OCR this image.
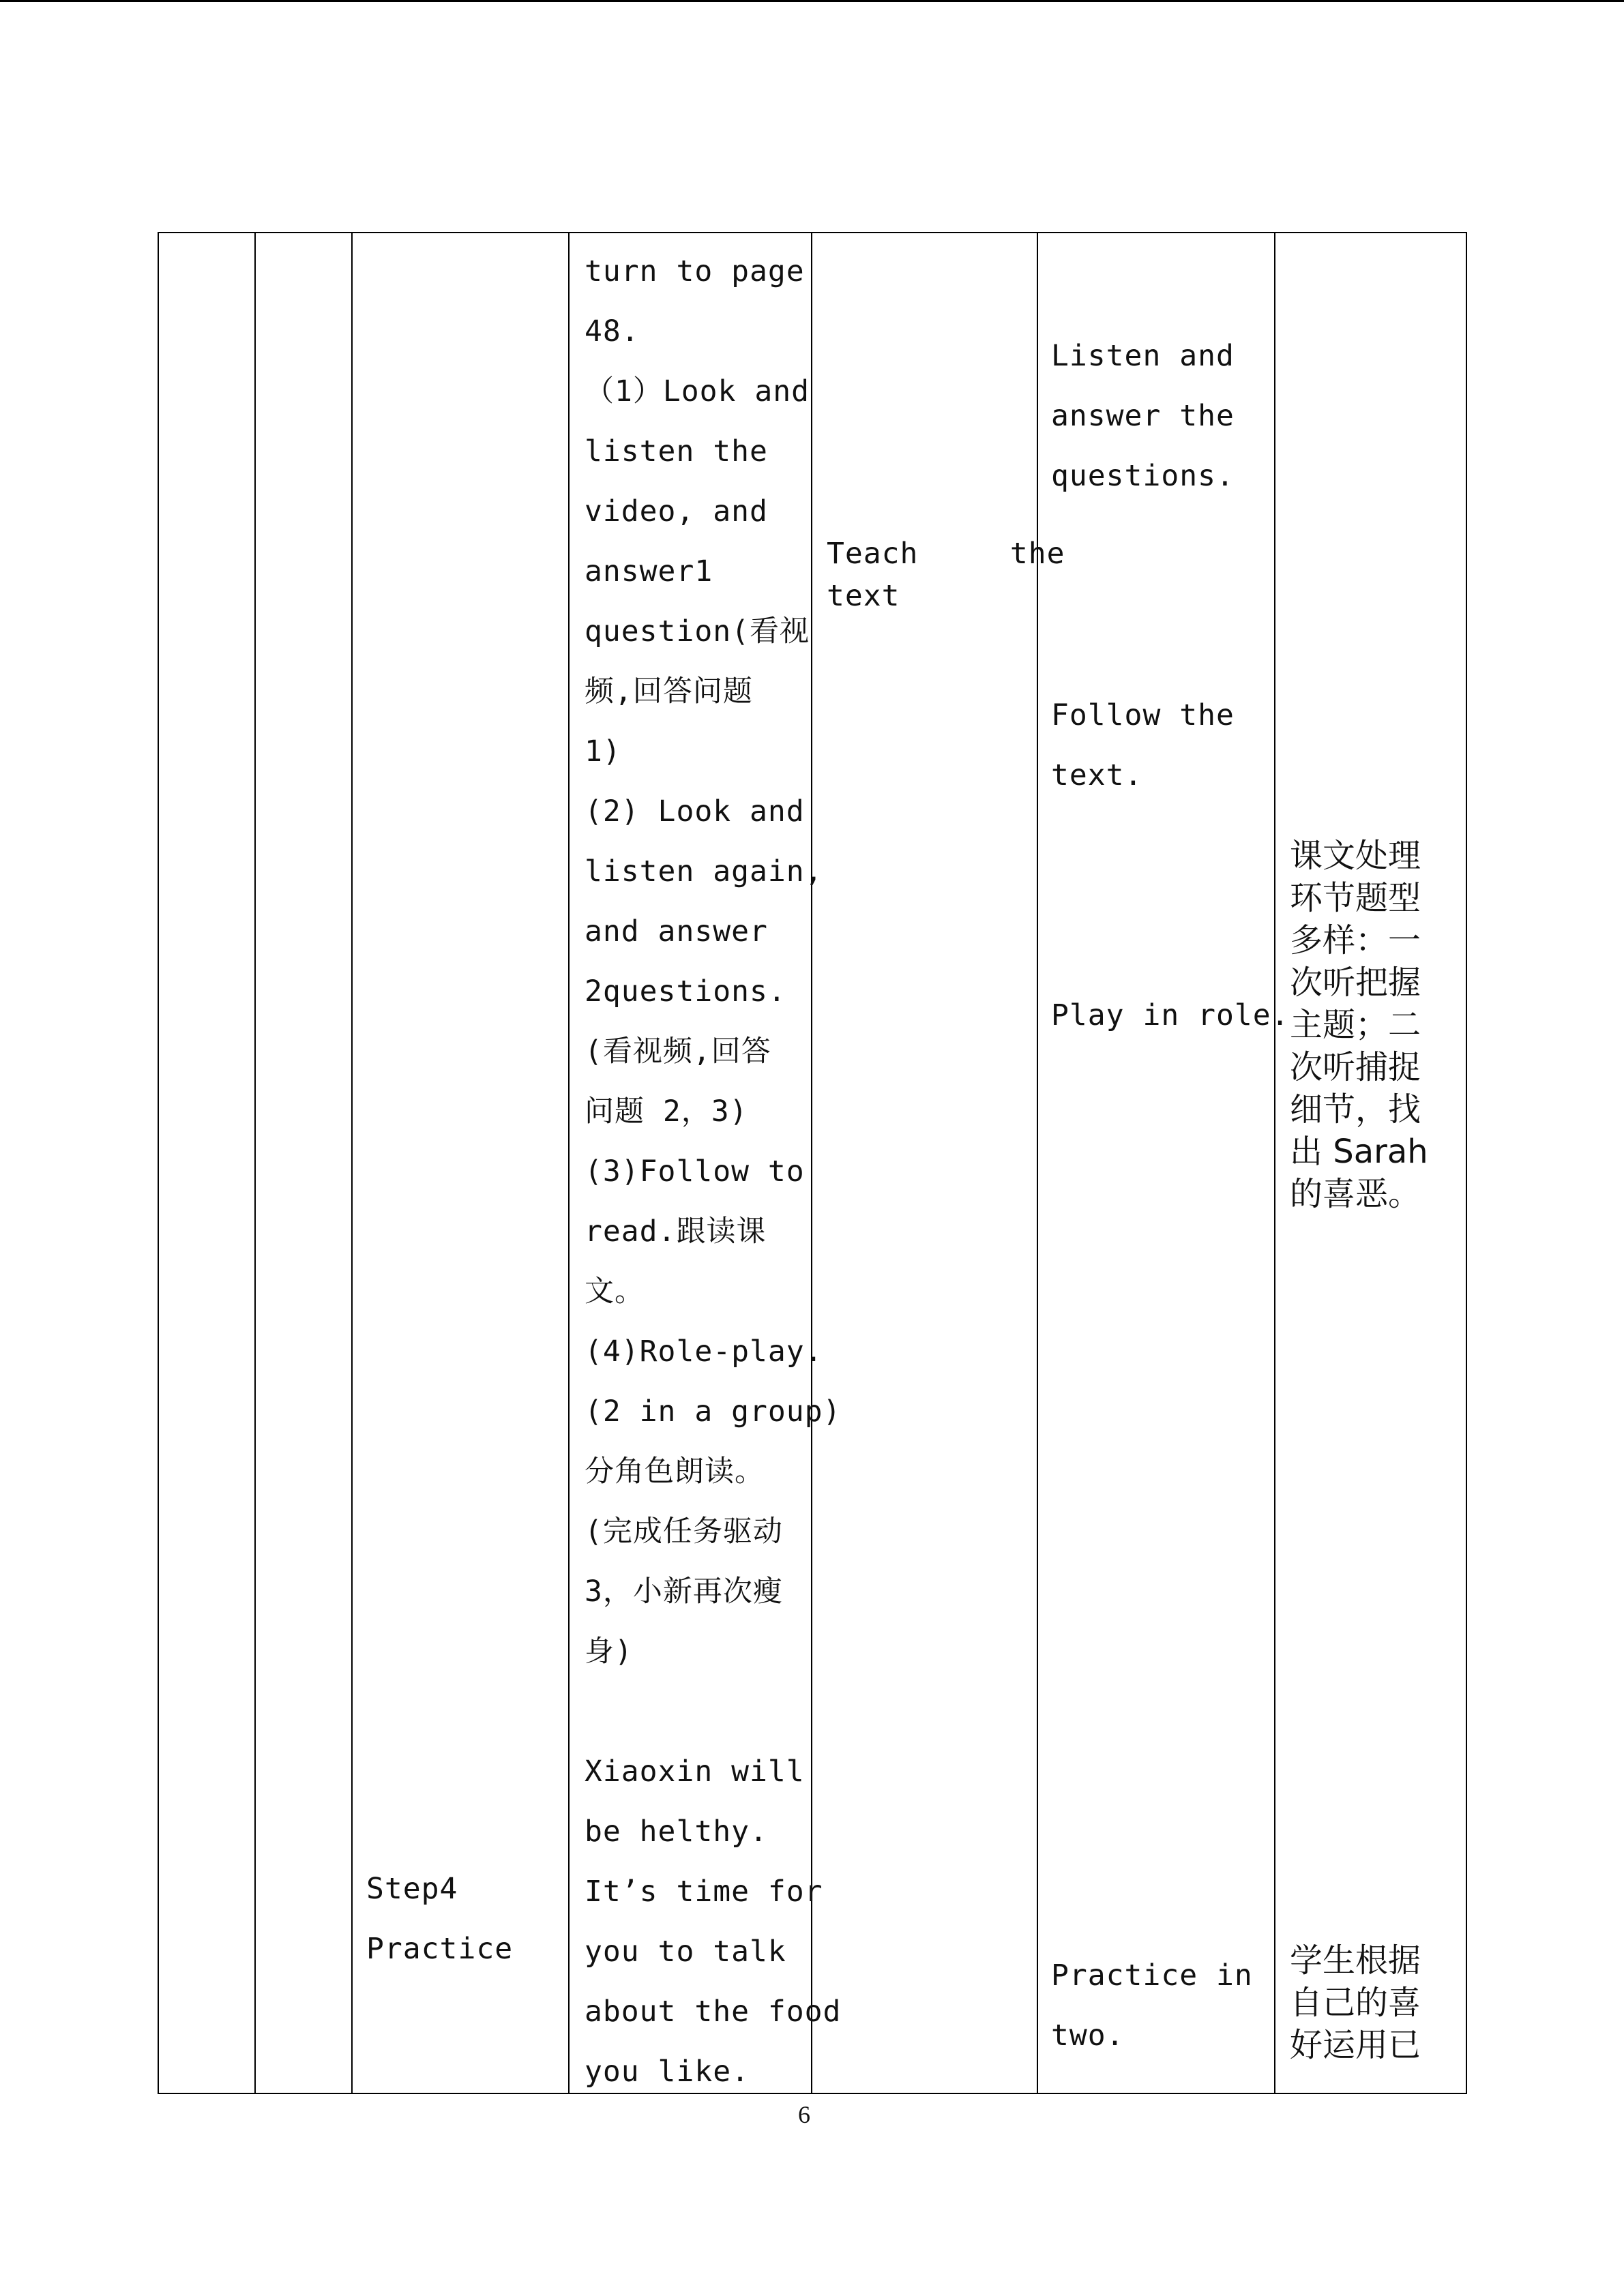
Step4
Practice
turn to page
48.
（1）Look and
listen the
video, and
answer1
question(看视
频,回答问题
1)
(2) Look and
listen again,
and answer
2questions.
(看视频,回答
问题 2，3)
(3)Follow to
read.跟读课
文。
(4)Role-play.
(2 in a group)
分角色朗读。
(完成任务驱动
3，小新再次瘦
身)
Xiaoxin will
be helthy.
It’s time for
you to talk
about the food
you like.
Teach     the
text
Listen and
answer the
questions.
Follow the
text.
Play in role.
Practice in
two.
课文处理
环节题型
多样：一
次听把握
主题；二
次听捕捉
细节，找
出 Sarah
的喜恶。
学生根据
自己的喜
好运用已
6
